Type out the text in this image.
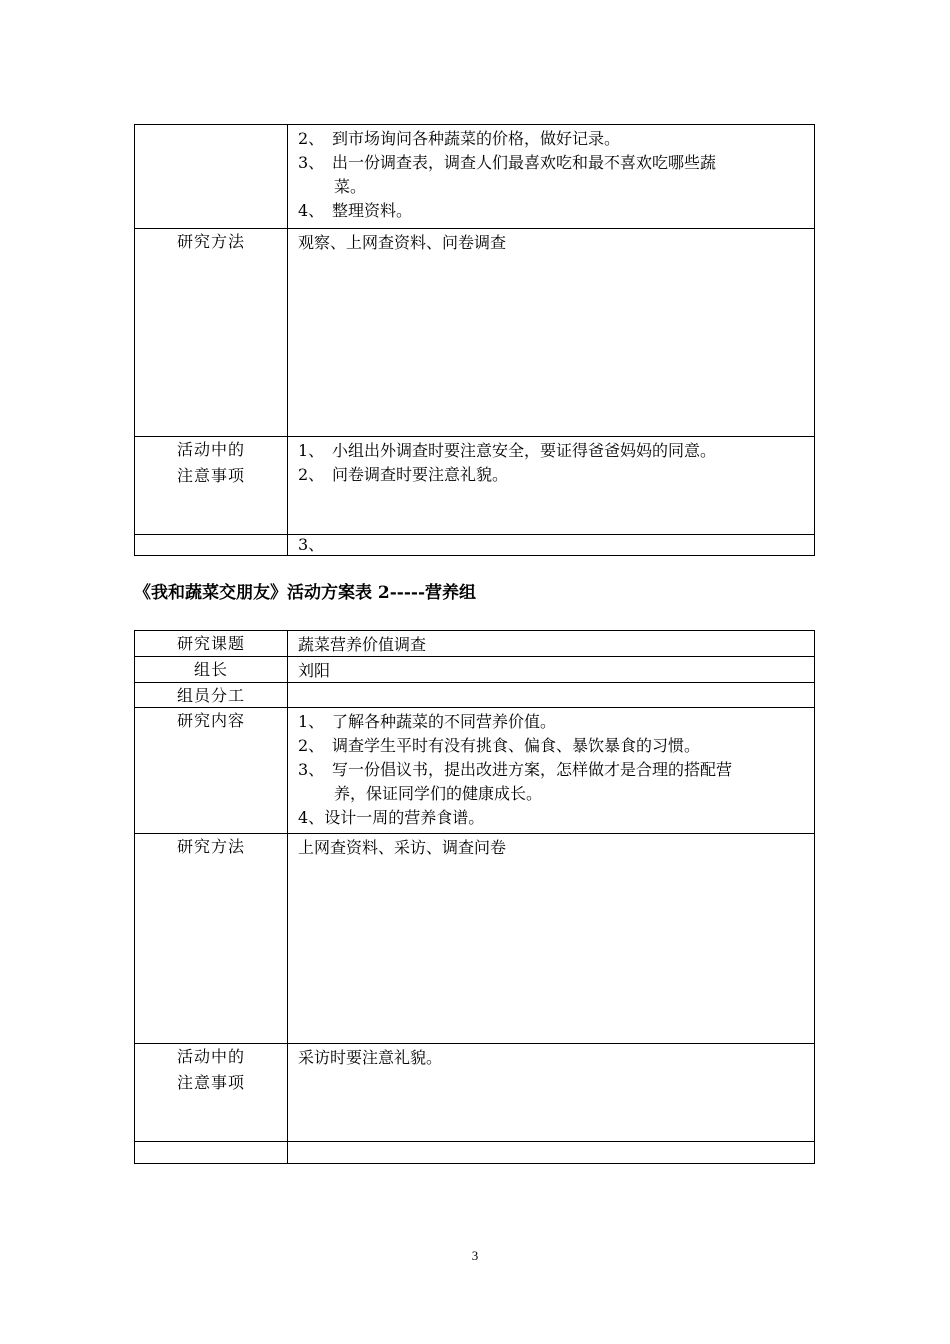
	2、 到市场询问各种蔬菜的价格，做好记录。
3、 出一份调查表，调查人们最喜欢吃和最不喜欢吃哪些蔬
菜。
4、 整理资料。

研究方法	观察、上网查资料、问卷调查

活动中的
注意事项	1、 小组出外调查时要注意安全，要证得爸爸妈妈的同意。
2、 问卷调查时要注意礼貌。

	3、
《我和蔬菜交朋友》活动方案表 2-----营养组
研究课题	蔬菜营养价值调查
组长	刘阳
组员分工	
研究内容	1、 了解各种蔬菜的不同营养价值。
2、 调查学生平时有没有挑食、偏食、暴饮暴食的习惯。
3、 写一份倡议书，提出改进方案，怎样做才是合理的搭配营
养，保证同学们的健康成长。
4、设计一周的营养食谱。

研究方法	上网查资料、采访、调查问卷

活动中的
注意事项	采访时要注意礼貌。

3
